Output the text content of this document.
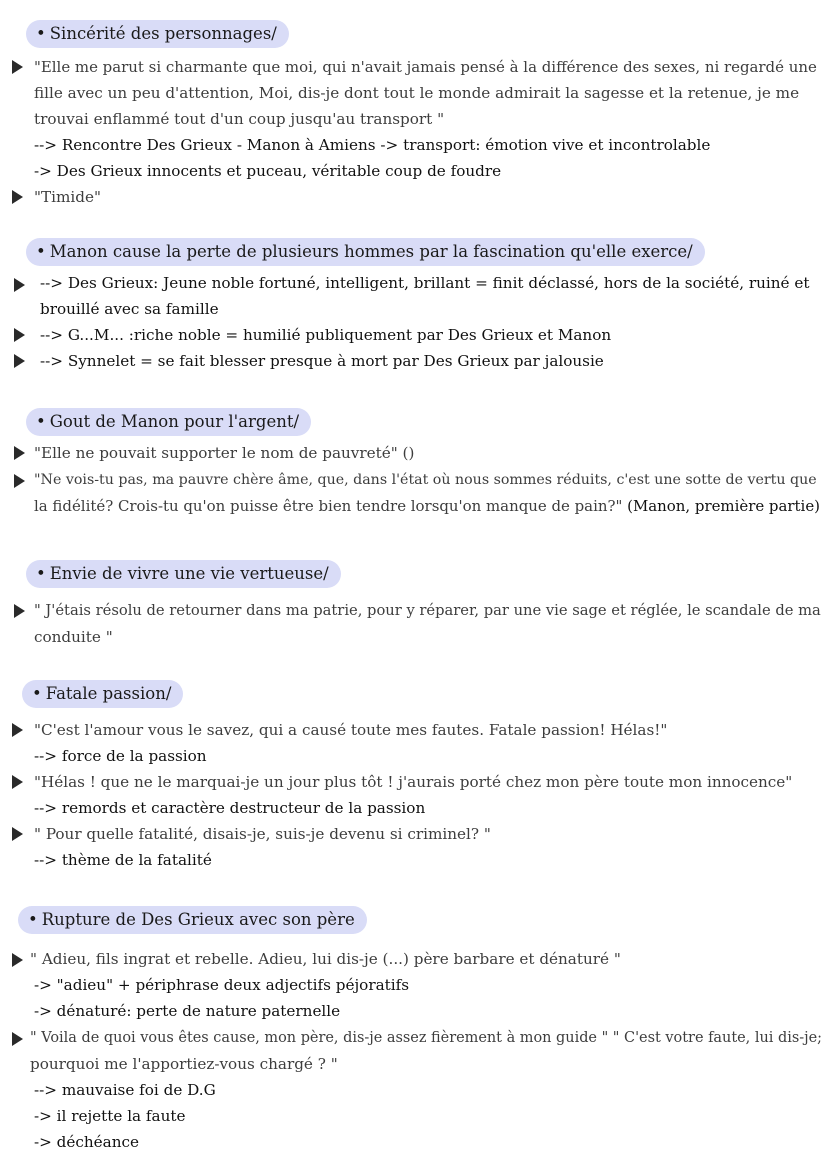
• Sincérité des personnages/
"Elle me parut si charmante que moi, qui n'avait jamais pensé à la différence des sexes, ni regardé une
fille avec un peu d'attention, Moi, dis-je dont tout le monde admirait la sagesse et la retenue, je me
trouvai enflammé tout d'un coup jusqu'au transport "
--> Rencontre Des Grieux - Manon à Amiens -> transport: émotion vive et incontrolable
-> Des Grieux innocents et puceau, véritable coup de foudre
"Timide"
• Manon cause la perte de plusieurs hommes par la fascination qu'elle exerce/
--> Des Grieux: Jeune noble fortuné, intelligent, brillant = finit déclassé, hors de la société, ruiné et
brouillé avec sa famille
--> G...M... :riche noble = humilié publiquement par Des Grieux et Manon
--> Synnelet = se fait blesser presque à mort par Des Grieux par jalousie
• Gout de Manon pour l'argent/
"Elle ne pouvait supporter le nom de pauvreté" ()
"Ne vois-tu pas, ma pauvre chère âme, que, dans l'état où nous sommes réduits, c'est une sotte de vertu que
la fidélité? Crois-tu qu'on puisse être bien tendre lorsqu'on manque de pain?" (Manon, première partie)
• Envie de vivre une vie vertueuse/
" J'étais résolu de retourner dans ma patrie, pour y réparer, par une vie sage et réglée, le scandale de ma
conduite "
• Fatale passion/
"C'est l'amour vous le savez, qui a causé toute mes fautes. Fatale passion! Hélas!"
--> force de la passion
"Hélas ! que ne le marquai-je un jour plus tôt ! j'aurais porté chez mon père toute mon innocence"
--> remords et caractère destructeur de la passion
" Pour quelle fatalité, disais-je, suis-je devenu si criminel? "
--> thème de la fatalité
• Rupture de Des Grieux avec son père
" Adieu, fils ingrat et rebelle. Adieu, lui dis-je (...) père barbare et dénaturé "
-> "adieu" + périphrase deux adjectifs péjoratifs
-> dénaturé: perte de nature paternelle
" Voila de quoi vous êtes cause, mon père, dis-je assez fièrement à mon guide " " C'est votre faute, lui dis-je;
pourquoi me l'apportiez-vous chargé ? "
--> mauvaise foi de D.G
-> il rejette la faute
-> déchéance
